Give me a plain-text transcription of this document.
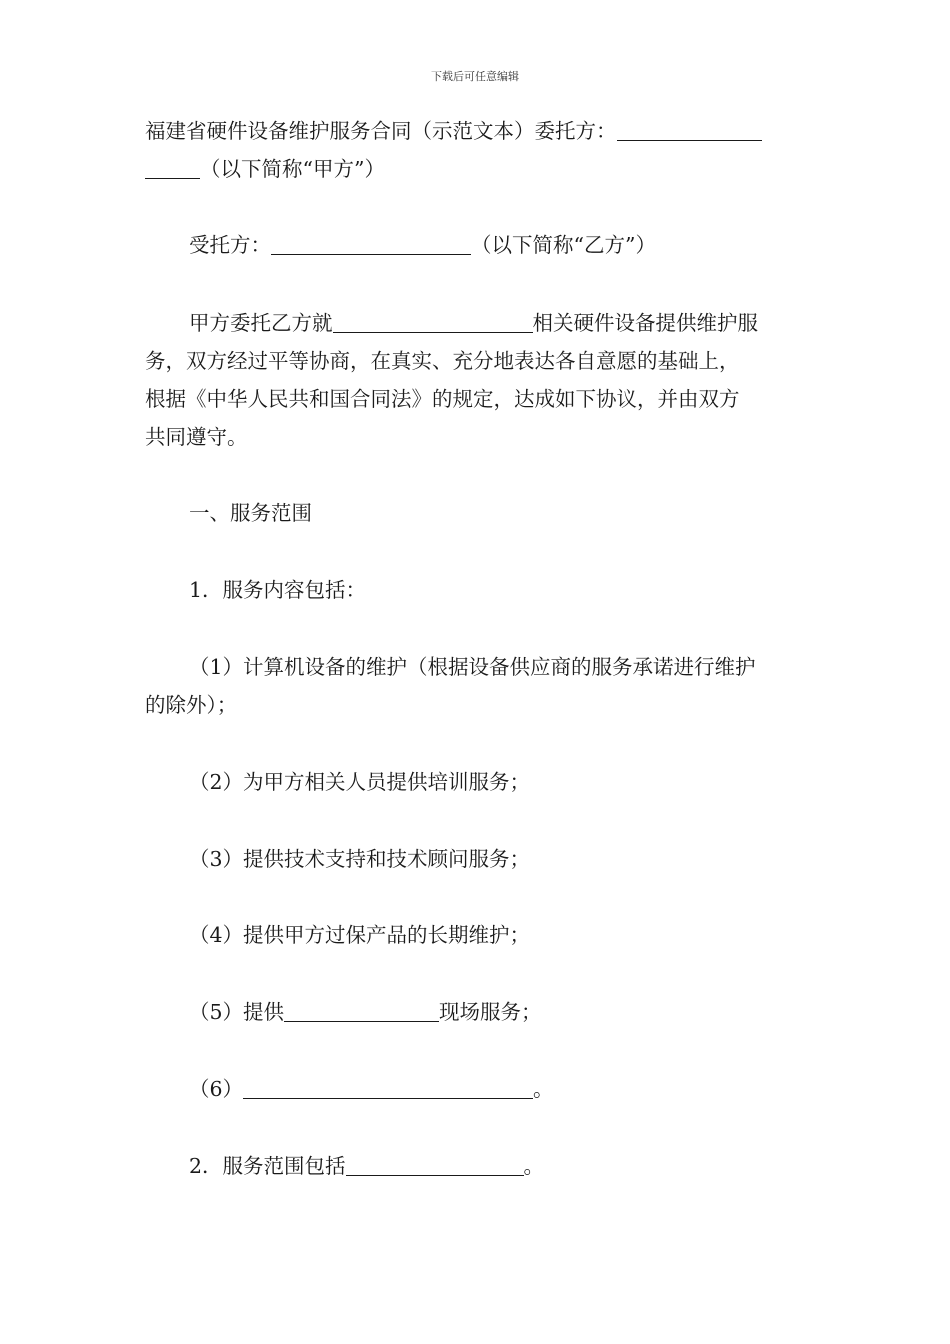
下载后可任意编辑

福建省硬件设备维护服务合同（示范文本）委托方：

（以下简称“甲方”）

受托方：	（以下简称“乙方”）

甲方委托乙方就	相关硬件设备提供维护服

务，双方经过平等协商，在真实、充分地表达各自意愿的基础上，

根据《中华人民共和国合同法》的规定，达成如下协议，并由双方

共同遵守。

一、服务范围

1．服务内容包括：

（1）计算机设备的维护（根据设备供应商的服务承诺进行维护

的除外）；

（2）为甲方相关人员提供培训服务；

（3）提供技术支持和技术顾问服务；

（4）提供甲方过保产品的长期维护；

（5）提供	现场服务；

（6）	。

2．服务范围包括	。
